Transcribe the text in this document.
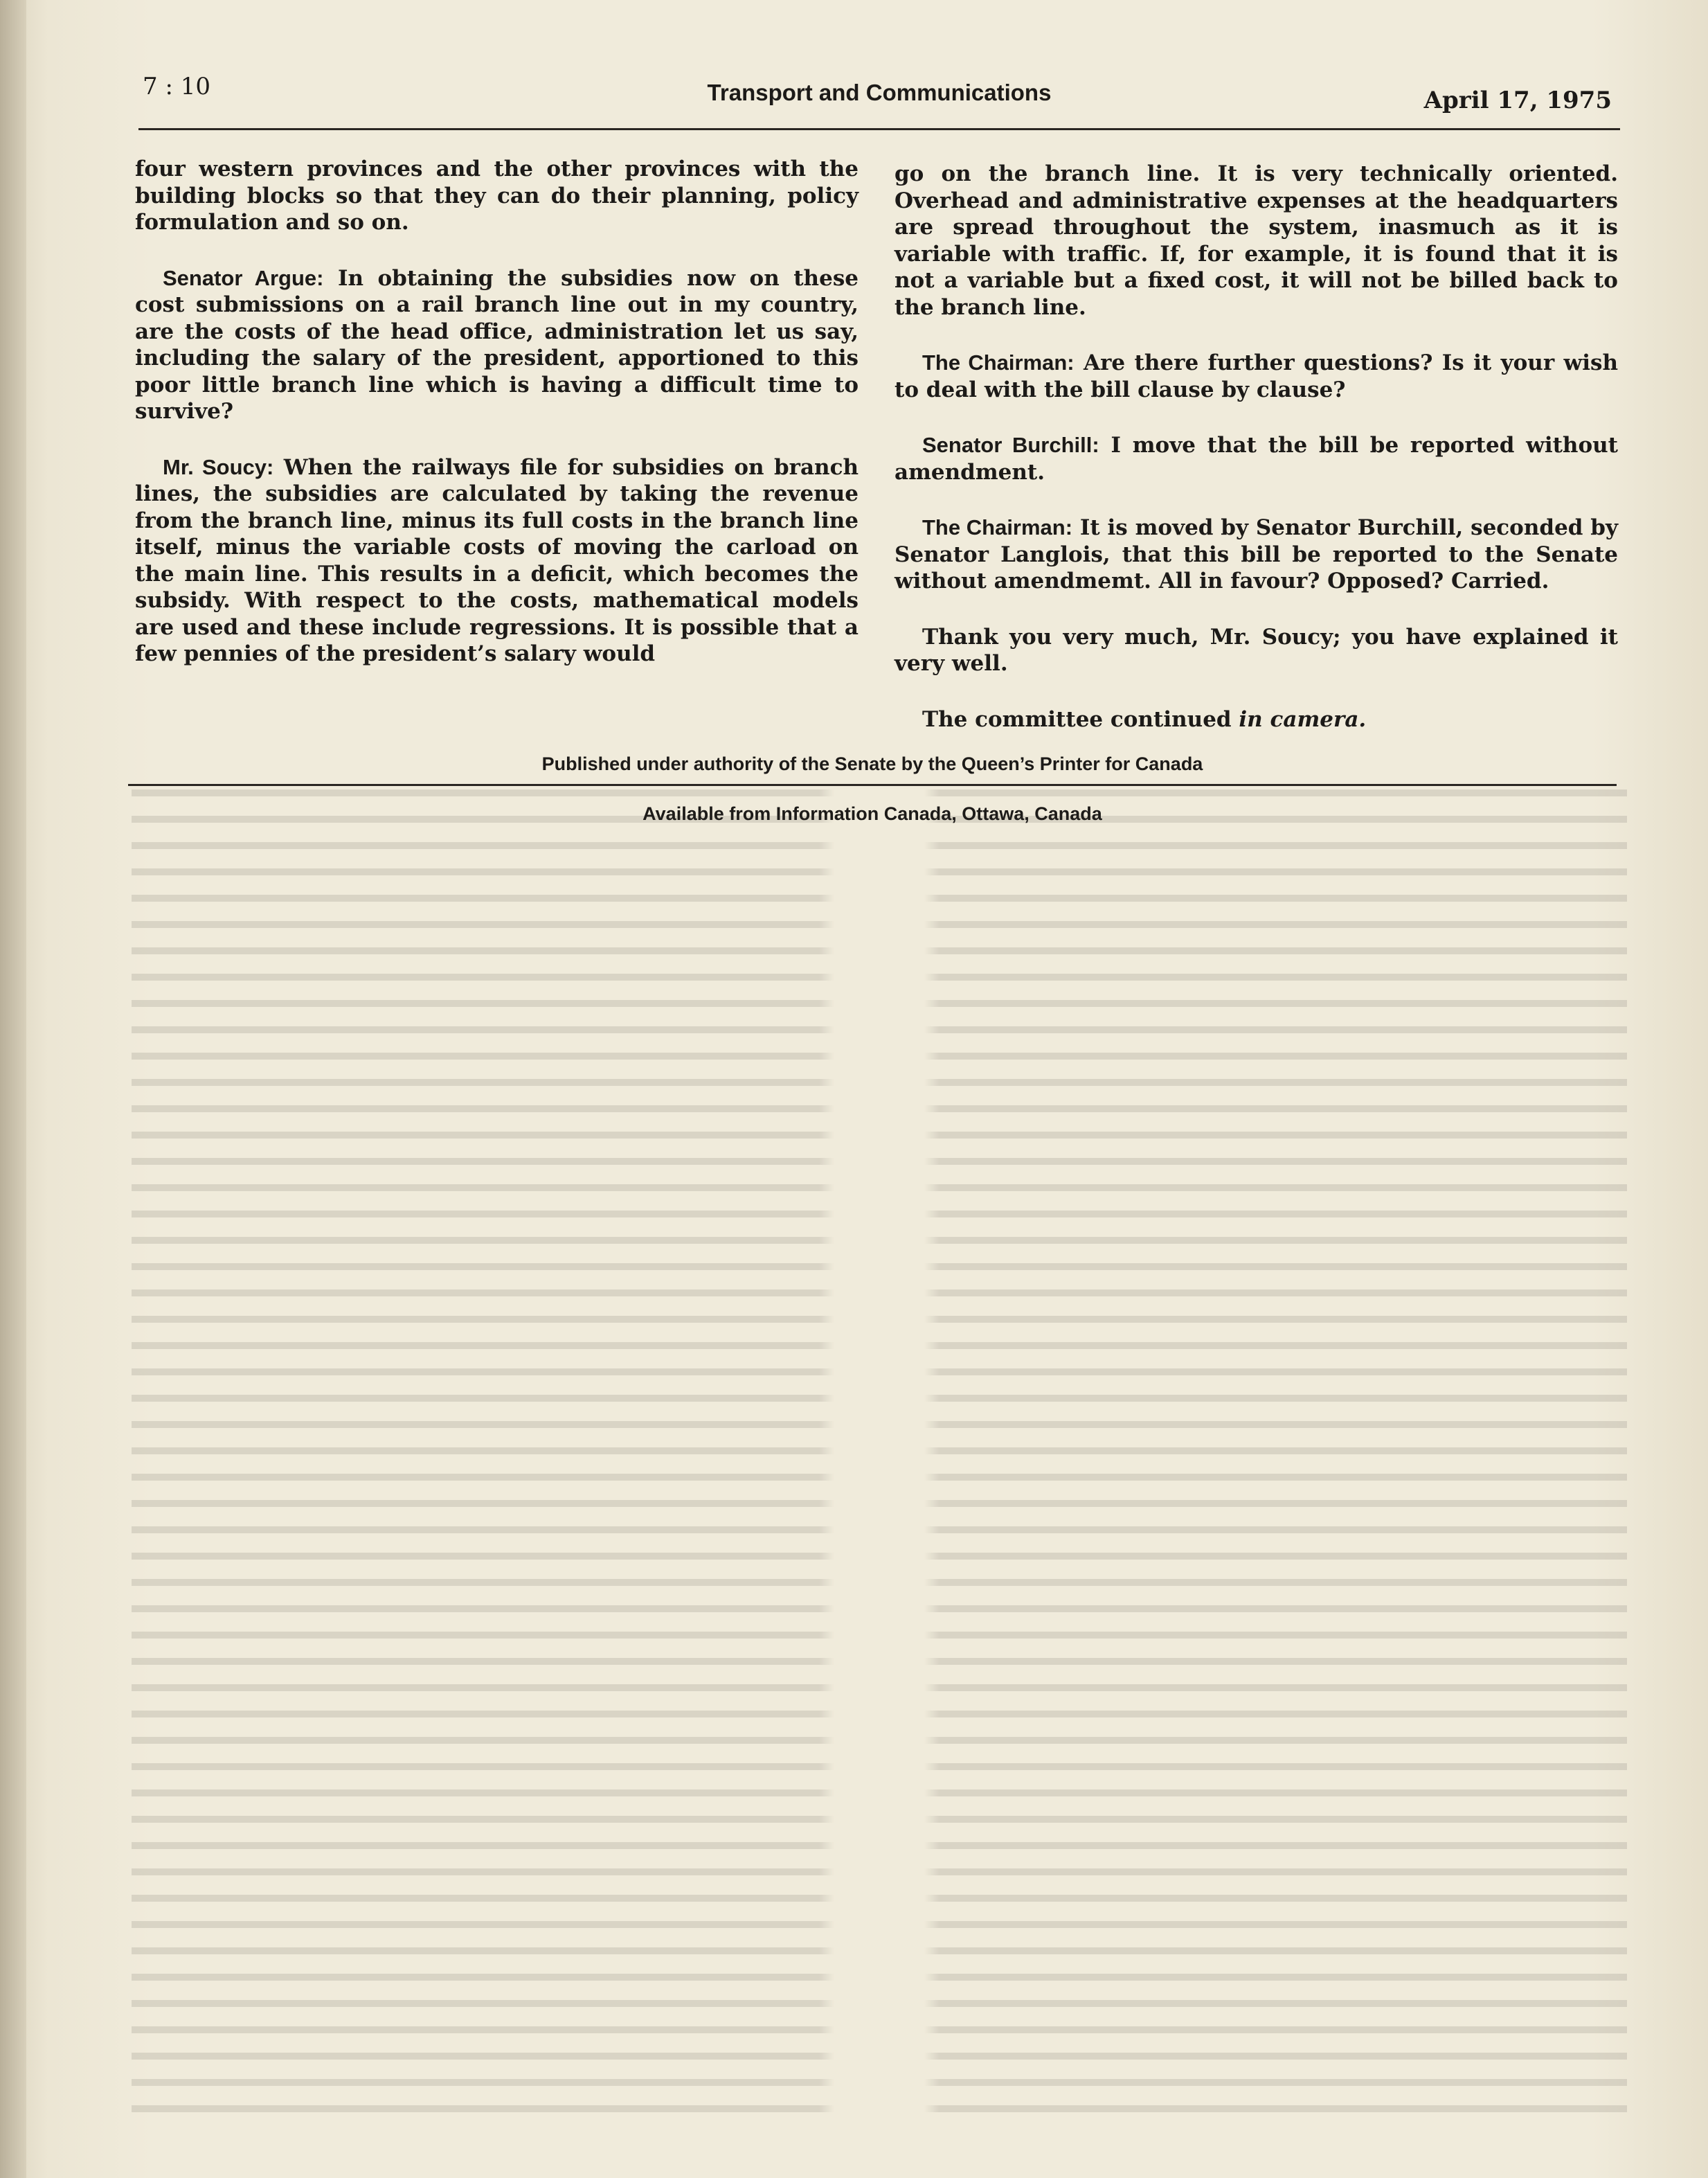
7 : 10	Transport and Communications	April 17, 1975

four western provinces and the other provinces with the building blocks so that they can do their planning, policy formulation and so on.

Senator Argue: In obtaining the subsidies now on these cost submissions on a rail branch line out in my country, are the costs of the head office, administration let us say, including the salary of the president, apportioned to this poor little branch line which is having a difficult time to survive?

Mr. Soucy: When the railways file for subsidies on branch lines, the subsidies are calculated by taking the revenue from the branch line, minus its full costs in the branch line itself, minus the variable costs of moving the carload on the main line. This results in a deficit, which becomes the subsidy. With respect to the costs, mathematical models are used and these include regressions. It is possible that a few pennies of the president’s salary would

go on the branch line. It is very technically oriented. Overhead and administrative expenses at the headquarters are spread throughout the system, inasmuch as it is variable with traffic. If, for example, it is found that it is not a variable but a fixed cost, it will not be billed back to the branch line.

The Chairman: Are there further questions? Is it your wish to deal with the bill clause by clause?

Senator Burchill: I move that the bill be reported without amendment.

The Chairman: It is moved by Senator Burchill, seconded by Senator Langlois, that this bill be reported to the Senate without amendmemt. All in favour? Opposed? Carried.

Thank you very much, Mr. Soucy; you have explained it very well.

The committee continued in camera.

Published under authority of the Senate by the Queen’s Printer for Canada
Available from Information Canada, Ottawa, Canada
